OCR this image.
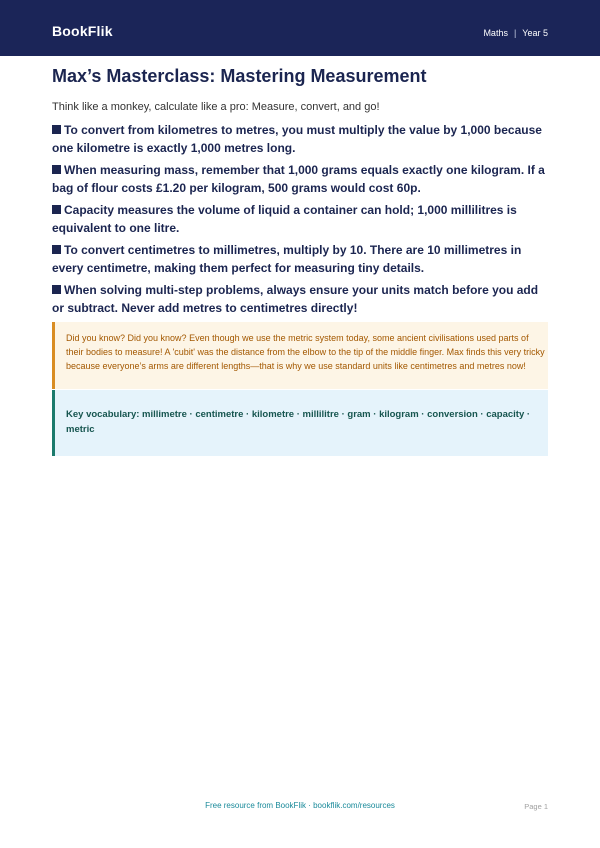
BookFlik	Maths | Year 5
Max’s Masterclass: Mastering Measurement
Think like a monkey, calculate like a pro: Measure, convert, and go!
To convert from kilometres to metres, you must multiply the value by 1,000 because one kilometre is exactly 1,000 metres long.
When measuring mass, remember that 1,000 grams equals exactly one kilogram. If a bag of flour costs £1.20 per kilogram, 500 grams would cost 60p.
Capacity measures the volume of liquid a container can hold; 1,000 millilitres is equivalent to one litre.
To convert centimetres to millimetres, multiply by 10. There are 10 millimetres in every centimetre, making them perfect for measuring tiny details.
When solving multi-step problems, always ensure your units match before you add or subtract. Never add metres to centimetres directly!
Did you know? Did you know? Even though we use the metric system today, some ancient civilisations used parts of their bodies to measure! A 'cubit' was the distance from the elbow to the tip of the middle finger. Max finds this very tricky because everyone’s arms are different lengths—that is why we use standard units like centimetres and metres now!
Key vocabulary: millimetre · centimetre · kilometre · millilitre · gram · kilogram · conversion · capacity · metric
Free resource from BookFlik · bookflik.com/resources	Page 1
